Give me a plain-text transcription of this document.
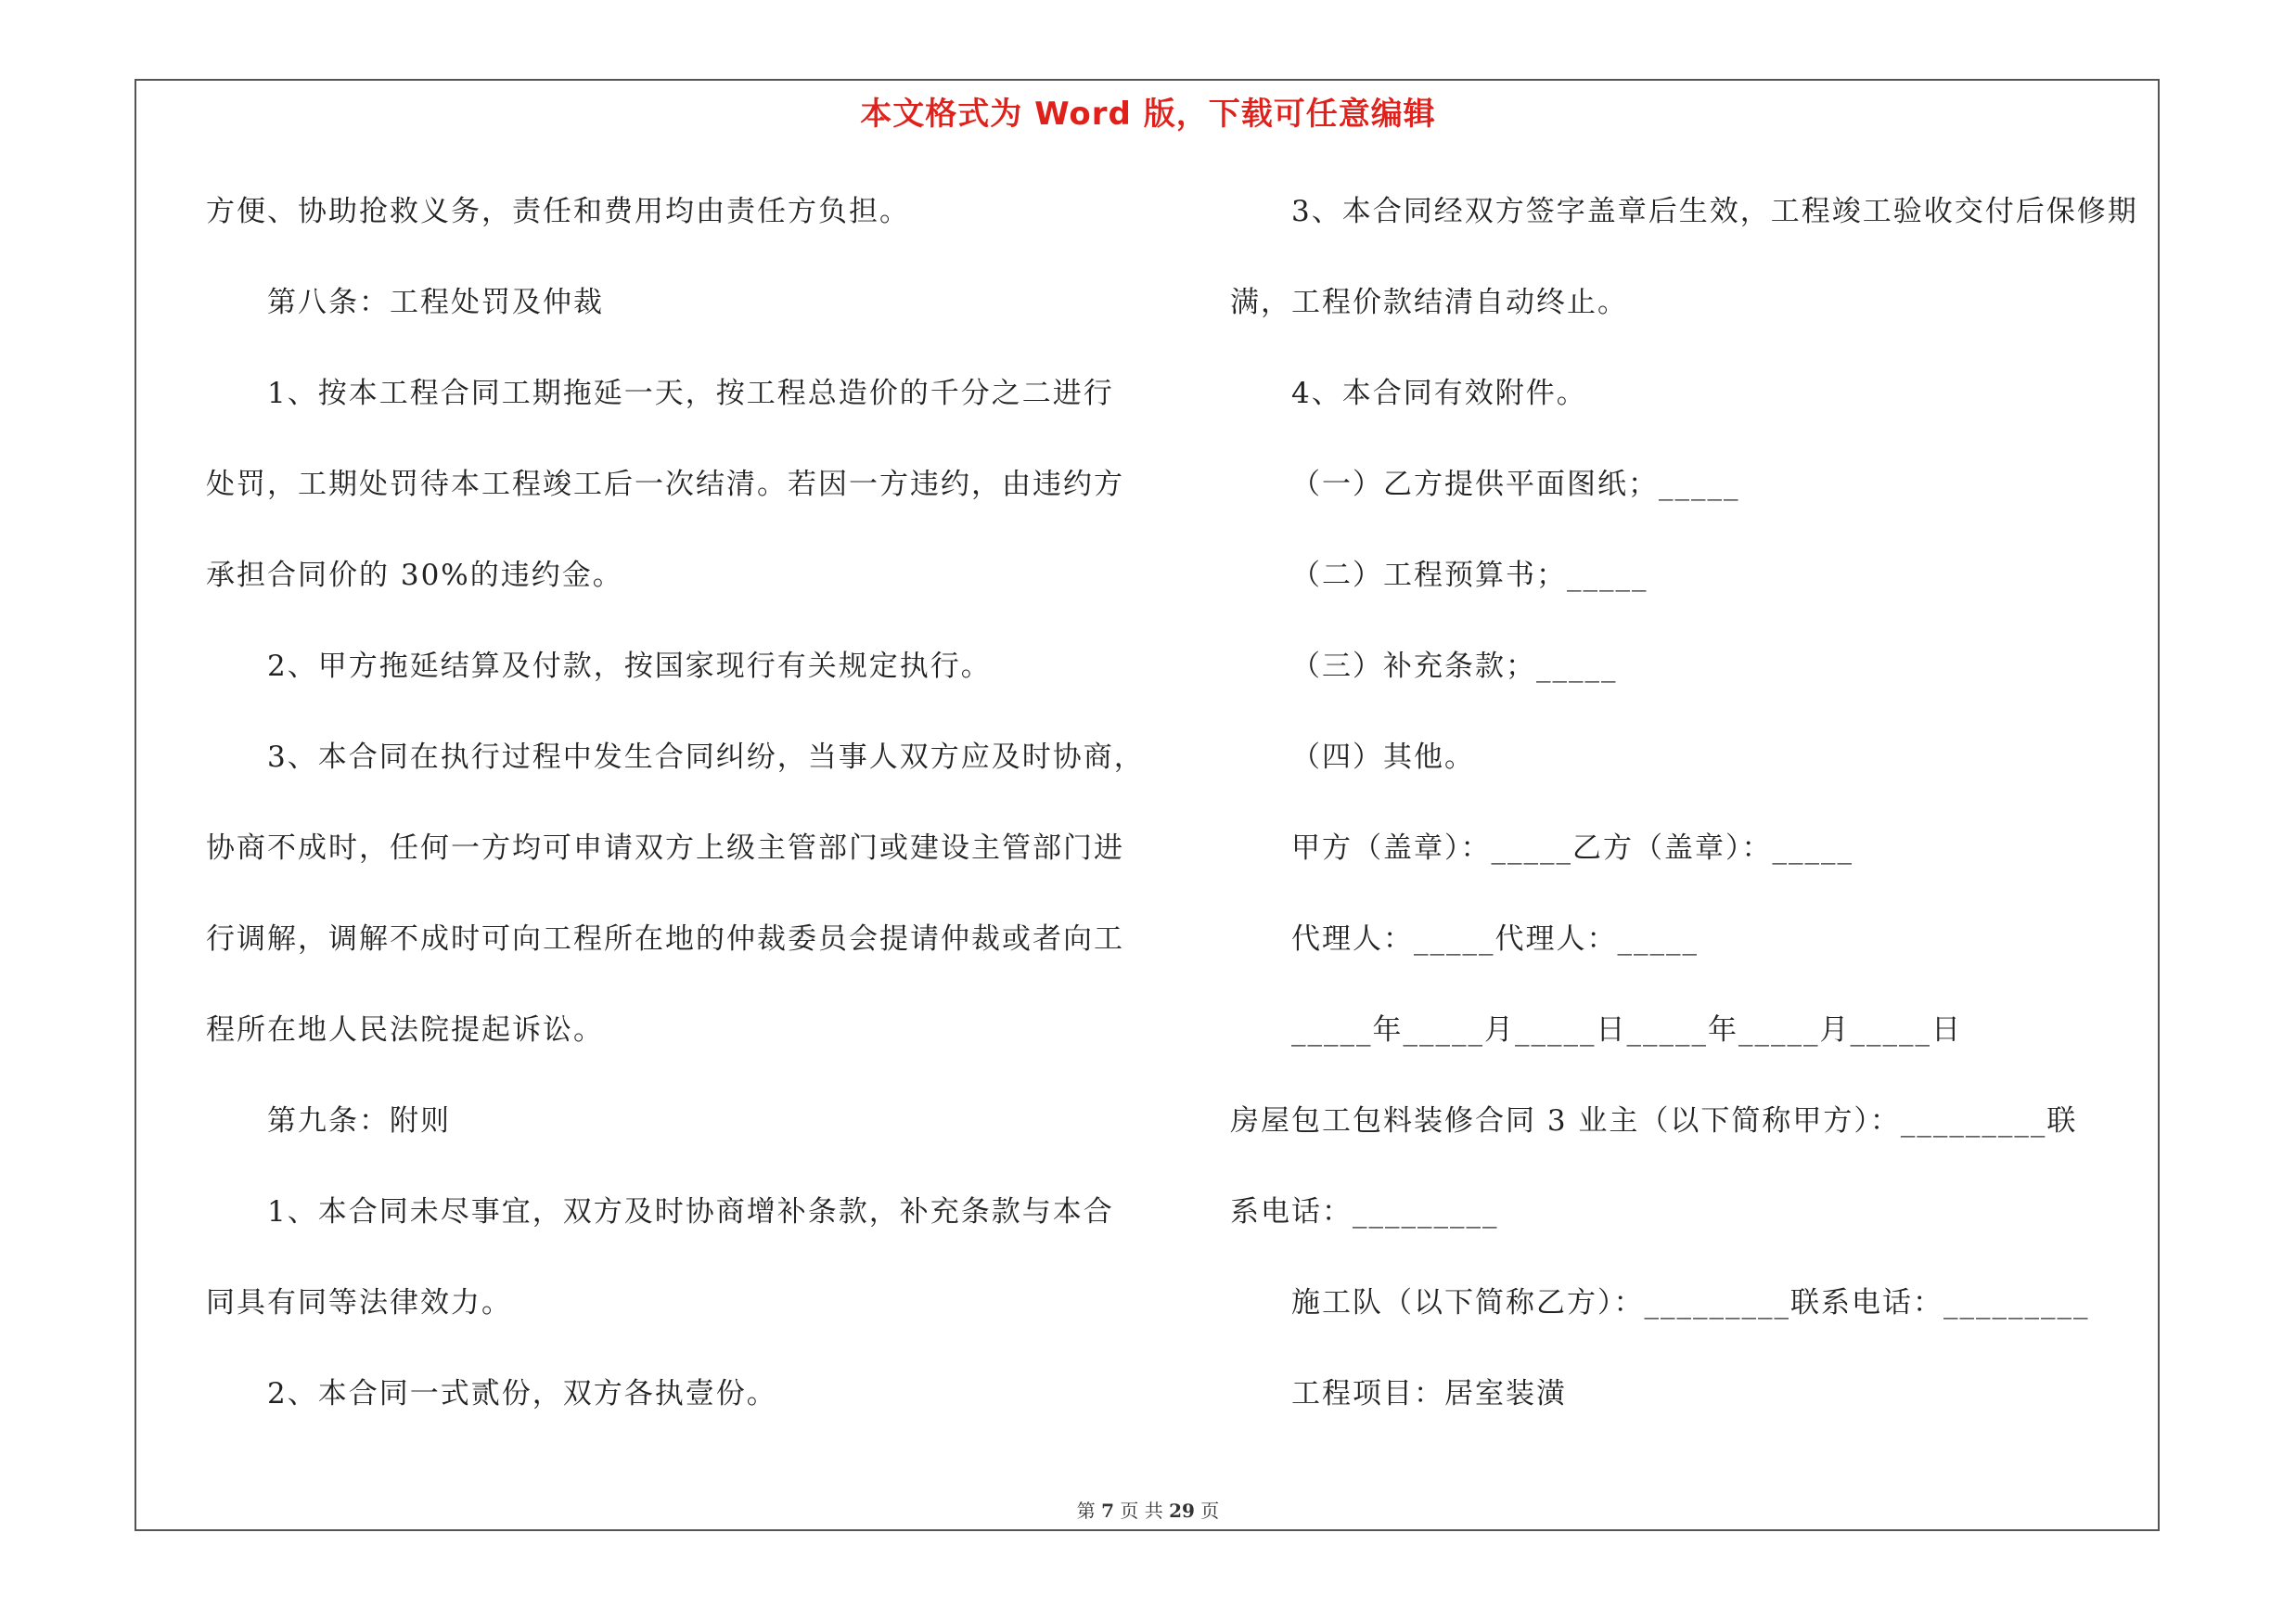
本文格式为 Word 版，下载可任意编辑
方便、协助抢救义务，责任和费用均由责任方负担。
第八条：工程处罚及仲裁
1、按本工程合同工期拖延一天，按工程总造价的千分之二进行
处罚，工期处罚待本工程竣工后一次结清。若因一方违约，由违约方
承担合同价的 30%的违约金。
2、甲方拖延结算及付款，按国家现行有关规定执行。
3、本合同在执行过程中发生合同纠纷，当事人双方应及时协商，
协商不成时，任何一方均可申请双方上级主管部门或建设主管部门进
行调解，调解不成时可向工程所在地的仲裁委员会提请仲裁或者向工
程所在地人民法院提起诉讼。
第九条：附则
1、本合同未尽事宜，双方及时协商增补条款，补充条款与本合
同具有同等法律效力。
2、本合同一式贰份，双方各执壹份。
3、本合同经双方签字盖章后生效，工程竣工验收交付后保修期
满，工程价款结清自动终止。
4、本合同有效附件。
（一）乙方提供平面图纸；_____
（二）工程预算书；_____
（三）补充条款；_____
（四）其他。
甲方（盖章）：_____乙方（盖章）：_____
代理人：_____代理人：_____
_____年_____月_____日_____年_____月_____日
房屋包工包料装修合同 3 业主（以下简称甲方）：_________联
系电话：_________
施工队（以下简称乙方）：_________联系电话：_________
工程项目：居室装潢
第 7 页 共 29 页
